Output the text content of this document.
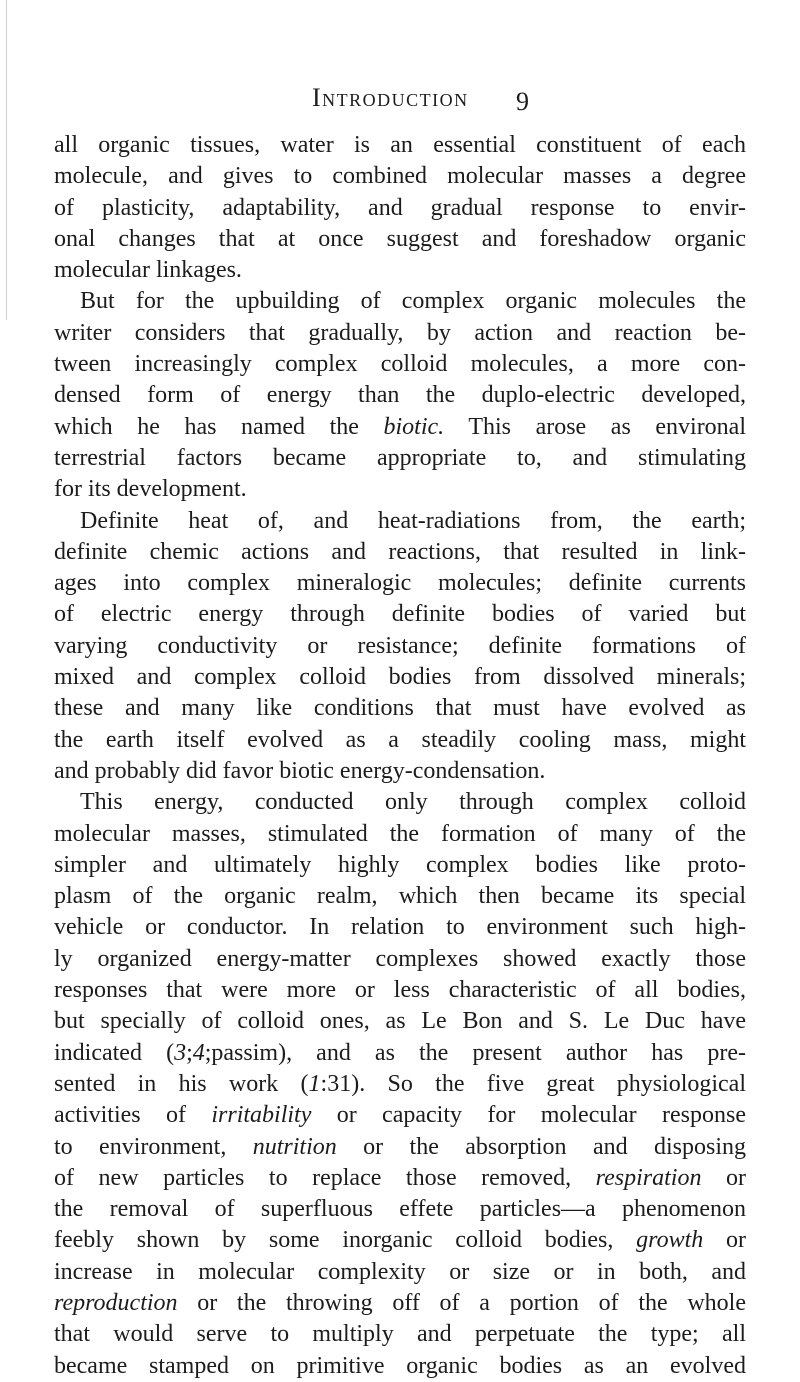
Introduction 9
all organic tissues, water is an essential constituent of each
molecule, and gives to combined molecular masses a degree
of plasticity, adaptability, and gradual response to envir-
onal changes that at once suggest and foreshadow organic
molecular linkages.
But for the upbuilding of complex organic molecules the
writer considers that gradually, by action and reaction be-
tween increasingly complex colloid molecules, a more con-
densed form of energy than the duplo-electric developed,
which he has named the biotic. This arose as environal
terrestrial factors became appropriate to, and stimulating
for its development.
Definite heat of, and heat-radiations from, the earth;
definite chemic actions and reactions, that resulted in link-
ages into complex mineralogic molecules; definite currents
of electric energy through definite bodies of varied but
varying conductivity or resistance; definite formations of
mixed and complex colloid bodies from dissolved minerals;
these and many like conditions that must have evolved as
the earth itself evolved as a steadily cooling mass, might
and probably did favor biotic energy-condensation.
This energy, conducted only through complex colloid
molecular masses, stimulated the formation of many of the
simpler and ultimately highly complex bodies like proto-
plasm of the organic realm, which then became its special
vehicle or conductor. In relation to environment such high-
ly organized energy-matter complexes showed exactly those
responses that were more or less characteristic of all bodies,
but specially of colloid ones, as Le Bon and S. Le Duc have
indicated (3;4;passim), and as the present author has pre-
sented in his work (1:31). So the five great physiological
activities of irritability or capacity for molecular response
to environment, nutrition or the absorption and disposing
of new particles to replace those removed, respiration or
the removal of superfluous effete particles—a phenomenon
feebly shown by some inorganic colloid bodies, growth or
increase in molecular complexity or size or in both, and
reproduction or the throwing off of a portion of the whole
that would serve to multiply and perpetuate the type; all
became stamped on primitive organic bodies as an evolved
